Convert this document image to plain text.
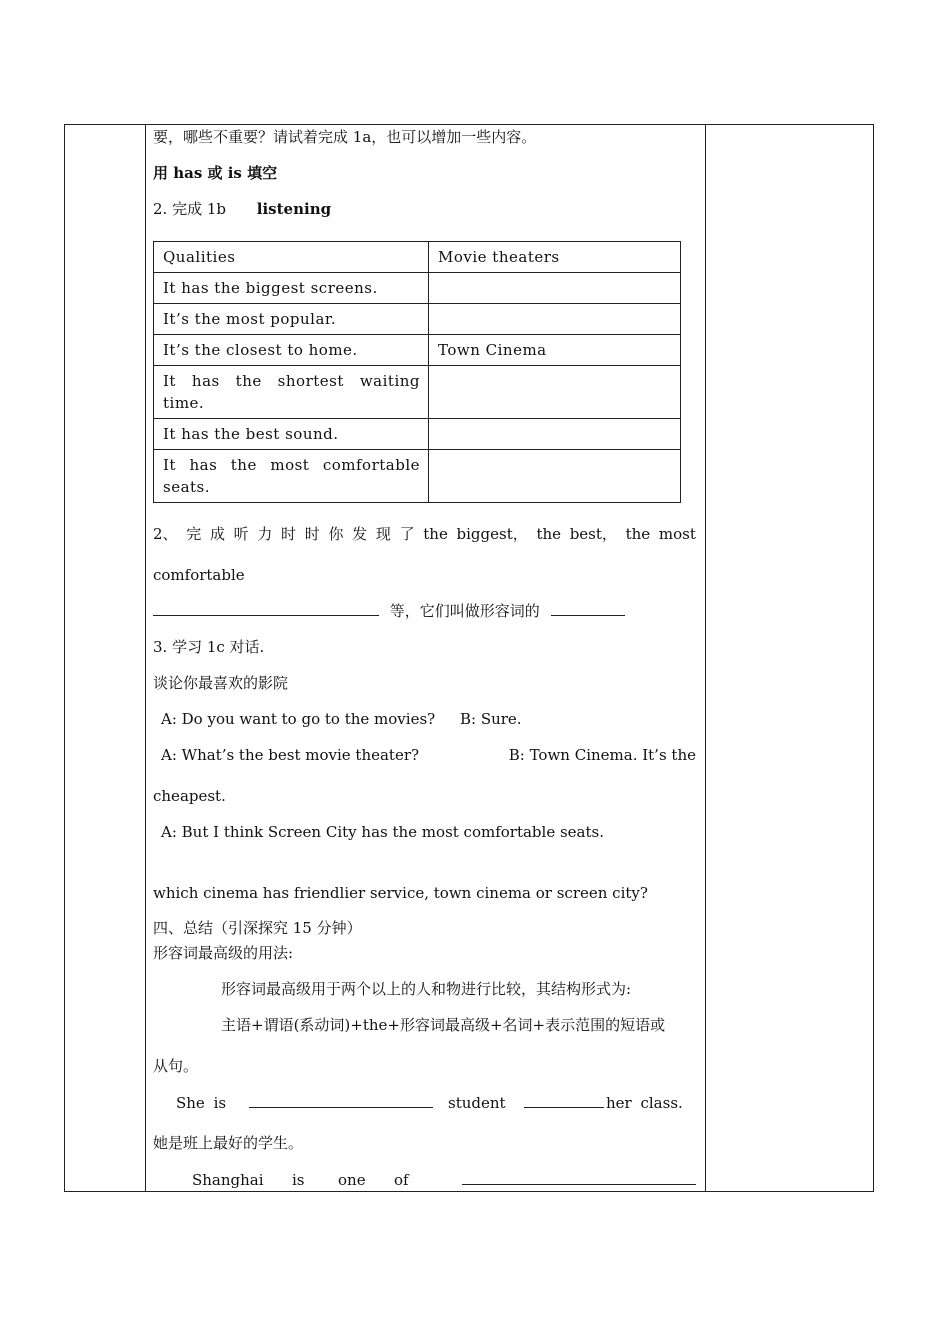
要，哪些不重要？请试着完成 1a，也可以增加一些内容。
用 has 或 is 填空
2. 完成 1b listening
Qualities	Movie theaters
It has the biggest screens.	
It’s the most popular.	
It’s the closest to home.	Town Cinema
It has the shortest waiting time.	
It has the best sound.	
It has the most comfortable seats.	
2、 完 成 听 力 时 时 你 发 现 了 the biggest， the best， the most
comfortable
等，它们叫做形容词的
3. 学习 1c 对话.
谈论你最喜欢的影院
A: Do you want to go to the movies? B: Sure.
A: What’s the best movie theater?	B: Town Cinema. It’s the
cheapest.
A: But I think Screen City has the most comfortable seats.
which cinema has friendlier service, town cinema or screen city?
四、总结（引深探究 15 分钟）
形容词最高级的用法:
形容词最高级用于两个以上的人和物进行比较，其结构形式为:
主语+谓语(系动词)+the+形容词最高级+名词+表示范围的短语或
从句。
She is	student	her class.
她是班上最好的学生。
Shanghai is one of
